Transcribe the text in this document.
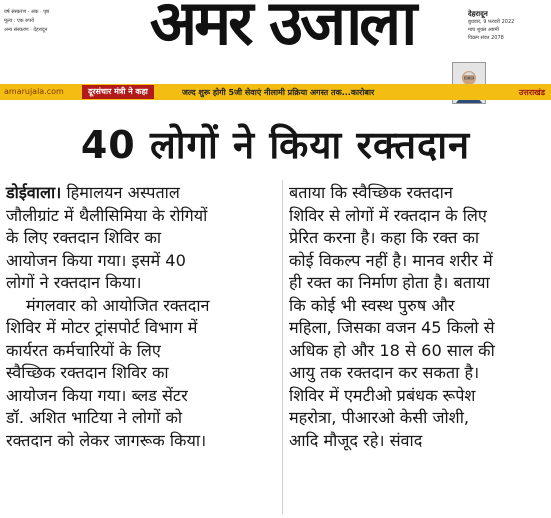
वर्ष संस्करण · अंक · पृष्ठ
मूल्य : एक रुपये
अन्य संस्करण · देहरादून	अमर उजाला	देहरादून
बुधवार, 9 फरवरी 2022
माघ शुक्ल अष्टमी
विक्रम संवत 2078
amarujala.com	दूरसंचार मंत्री ने कहा	जल्द शुरू होगी 5जी सेवाएं नीलामी प्रक्रिया अगस्त तक...कारोबार	उत्तराखंड
40 लोगों ने किया रक्तदान

डोईवाला। हिमालयन अस्पताल

जौलीग्रांट में थैलीसिमिया के रोगियों

के लिए रक्तदान शिविर का

आयोजन किया गया। इसमें 40

लोगों ने रक्तदान किया।

मंगलवार को आयोजित रक्तदान

शिविर में मोटर ट्रांसपोर्ट विभाग में

कार्यरत कर्मचारियों के लिए

स्वैच्छिक रक्तदान शिविर का

आयोजन किया गया। ब्लड सेंटर

डॉ. अशित भाटिया ने लोगों को

रक्तदान को लेकर जागरूक किया।

बताया कि स्वैच्छिक रक्तदान

शिविर से लोगों में रक्तदान के लिए

प्रेरित करना है। कहा कि रक्त का

कोई विकल्प नहीं है। मानव शरीर में

ही रक्त का निर्माण होता है। बताया

कि कोई भी स्वस्थ पुरुष और

महिला, जिसका वजन 45 किलो से

अधिक हो और 18 से 60 साल की

आयु तक रक्तदान कर सकता है।

शिविर में एमटीओ प्रबंधक रूपेश

महरोत्रा, पीआरओ केसी जोशी,

आदि मौजूद रहे। संवाद
